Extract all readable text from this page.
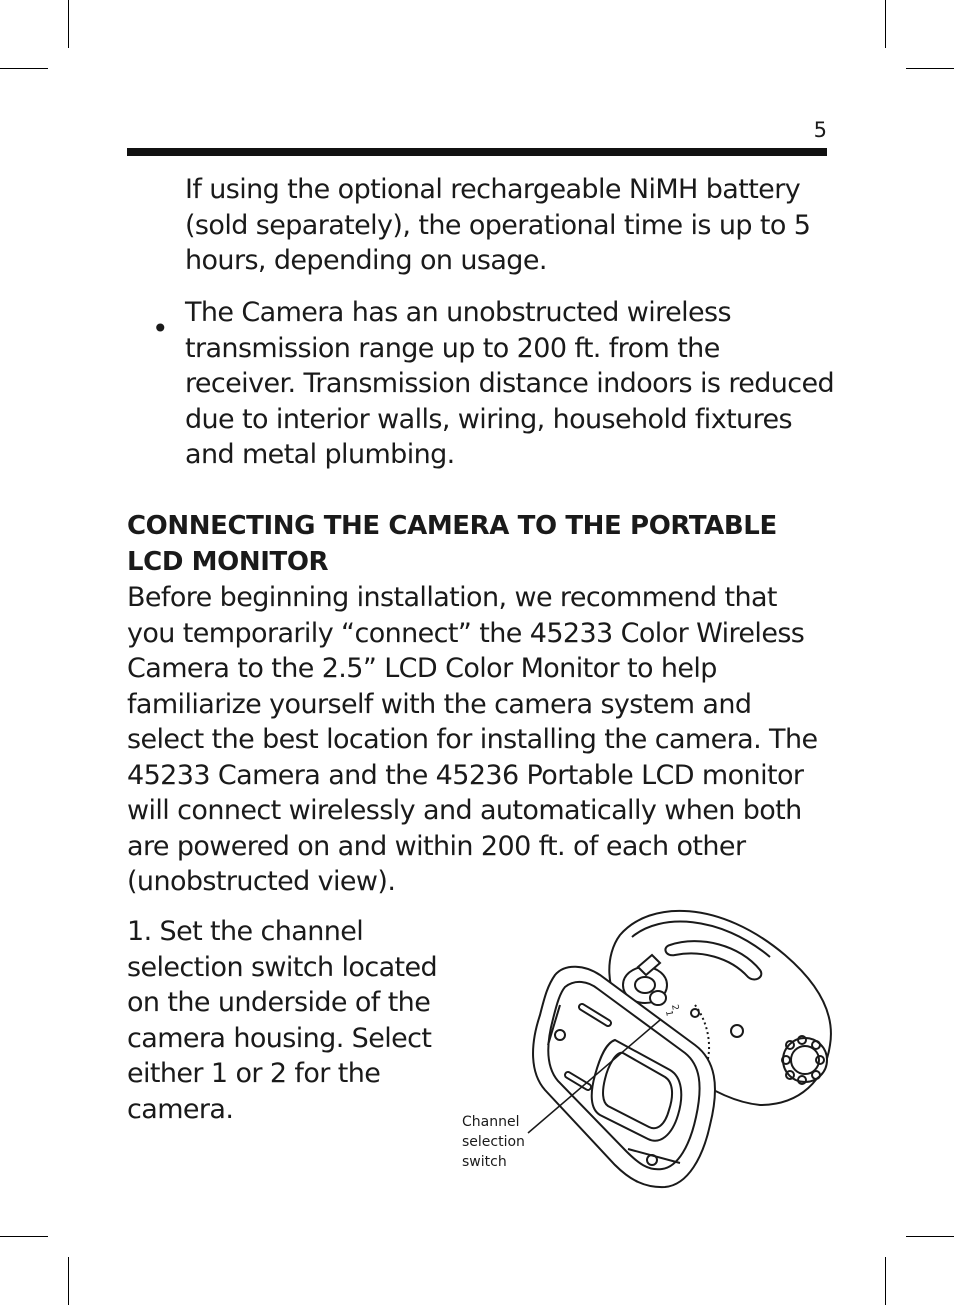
5

If using the optional rechargeable NiMH battery (sold separately), the operational time is up to 5 hours, depending on usage.

• The Camera has an unobstructed wireless transmission range up to 200 ft. from the receiver. Transmission distance indoors is reduced due to interior walls, wiring, household fixtures and metal plumbing.

CONNECTING THE CAMERA TO THE PORTABLE LCD MONITOR

Before beginning installation, we recommend that you temporarily “connect” the 45233 Color Wireless Camera to the 2.5” LCD Color Monitor to help familiarize yourself with the camera system and select the best location for installing the camera. The 45233 Camera and the 45236 Portable LCD monitor will connect wirelessly and automatically when both are powered on and within 200 ft. of each other (unobstructed view).

1. Set the channel selection switch located on the underside of the camera housing. Select either 1 or 2 for the camera.	Channel selection switch

2
1
